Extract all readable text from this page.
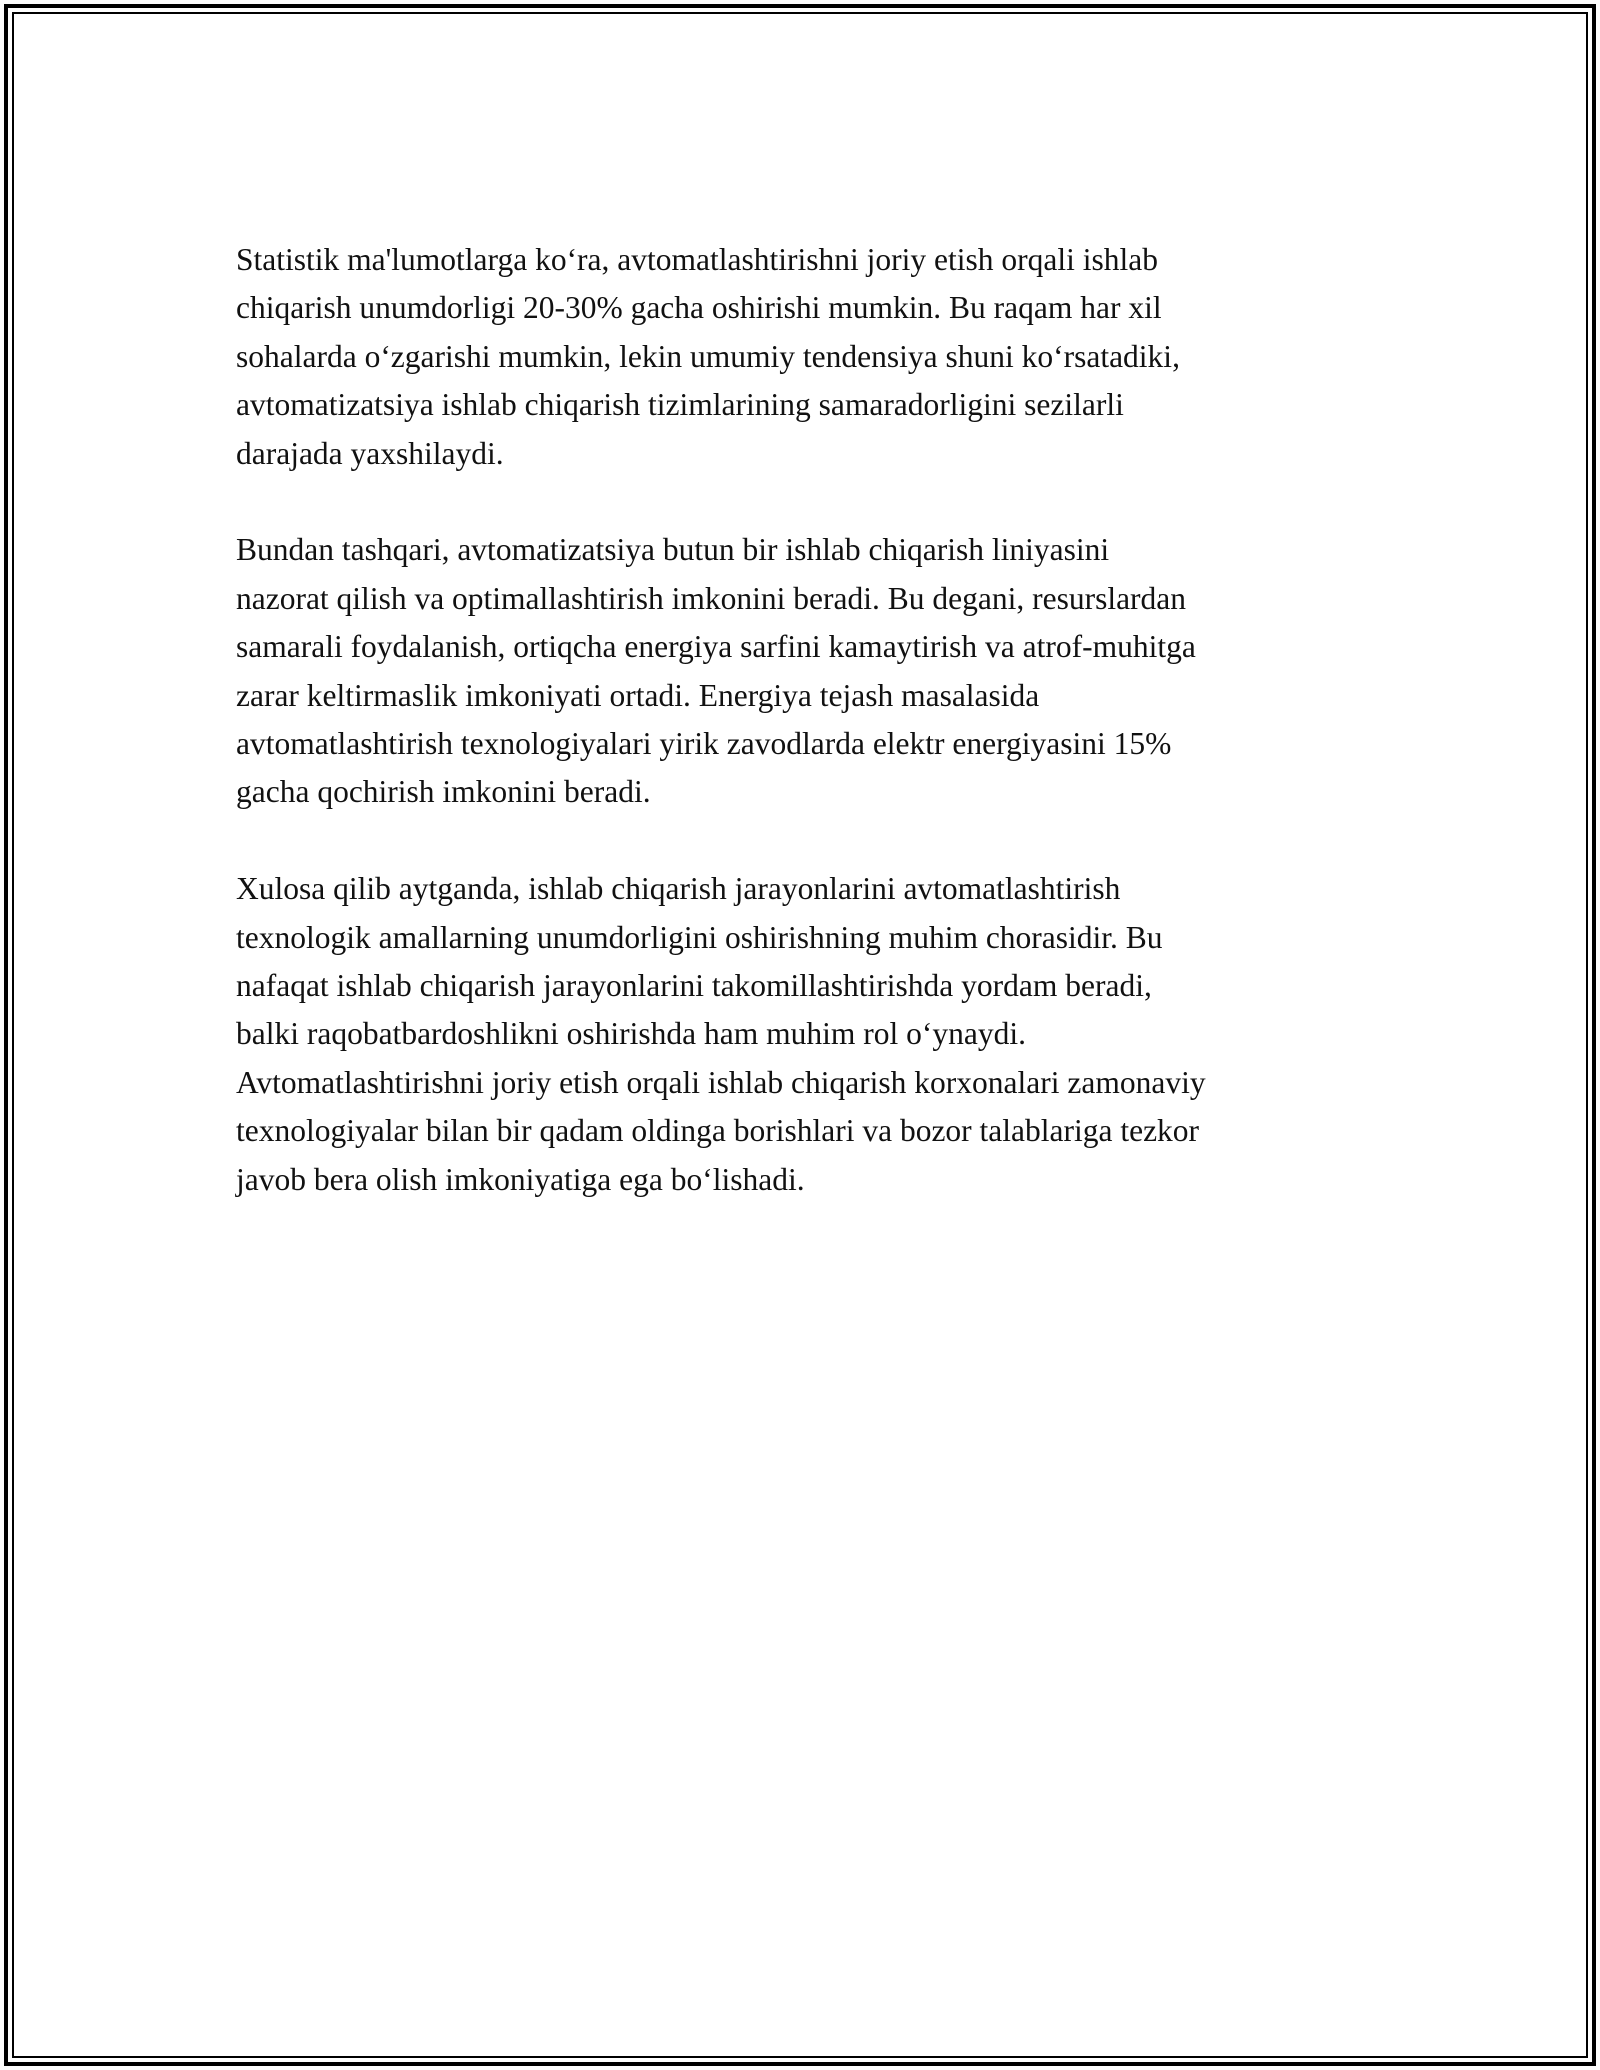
Statistik ma'lumotlarga ko‘ra, avtomatlashtirishni joriy etish orqali ishlab
chiqarish unumdorligi 20-30% gacha oshirishi mumkin. Bu raqam har xil
sohalarda o‘zgarishi mumkin, lekin umumiy tendensiya shuni ko‘rsatadiki,
avtomatizatsiya ishlab chiqarish tizimlarining samaradorligini sezilarli
darajada yaxshilaydi.

Bundan tashqari, avtomatizatsiya butun bir ishlab chiqarish liniyasini
nazorat qilish va optimallashtirish imkonini beradi. Bu degani, resurslardan
samarali foydalanish, ortiqcha energiya sarfini kamaytirish va atrof-muhitga
zarar keltirmaslik imkoniyati ortadi. Energiya tejash masalasida
avtomatlashtirish texnologiyalari yirik zavodlarda elektr energiyasini 15%
gacha qochirish imkonini beradi.

Xulosa qilib aytganda, ishlab chiqarish jarayonlarini avtomatlashtirish
texnologik amallarning unumdorligini oshirishning muhim chorasidir. Bu
nafaqat ishlab chiqarish jarayonlarini takomillashtirishda yordam beradi,
balki raqobatbardoshlikni oshirishda ham muhim rol o‘ynaydi.
Avtomatlashtirishni joriy etish orqali ishlab chiqarish korxonalari zamonaviy
texnologiyalar bilan bir qadam oldinga borishlari va bozor talablariga tezkor
javob bera olish imkoniyatiga ega bo‘lishadi.
